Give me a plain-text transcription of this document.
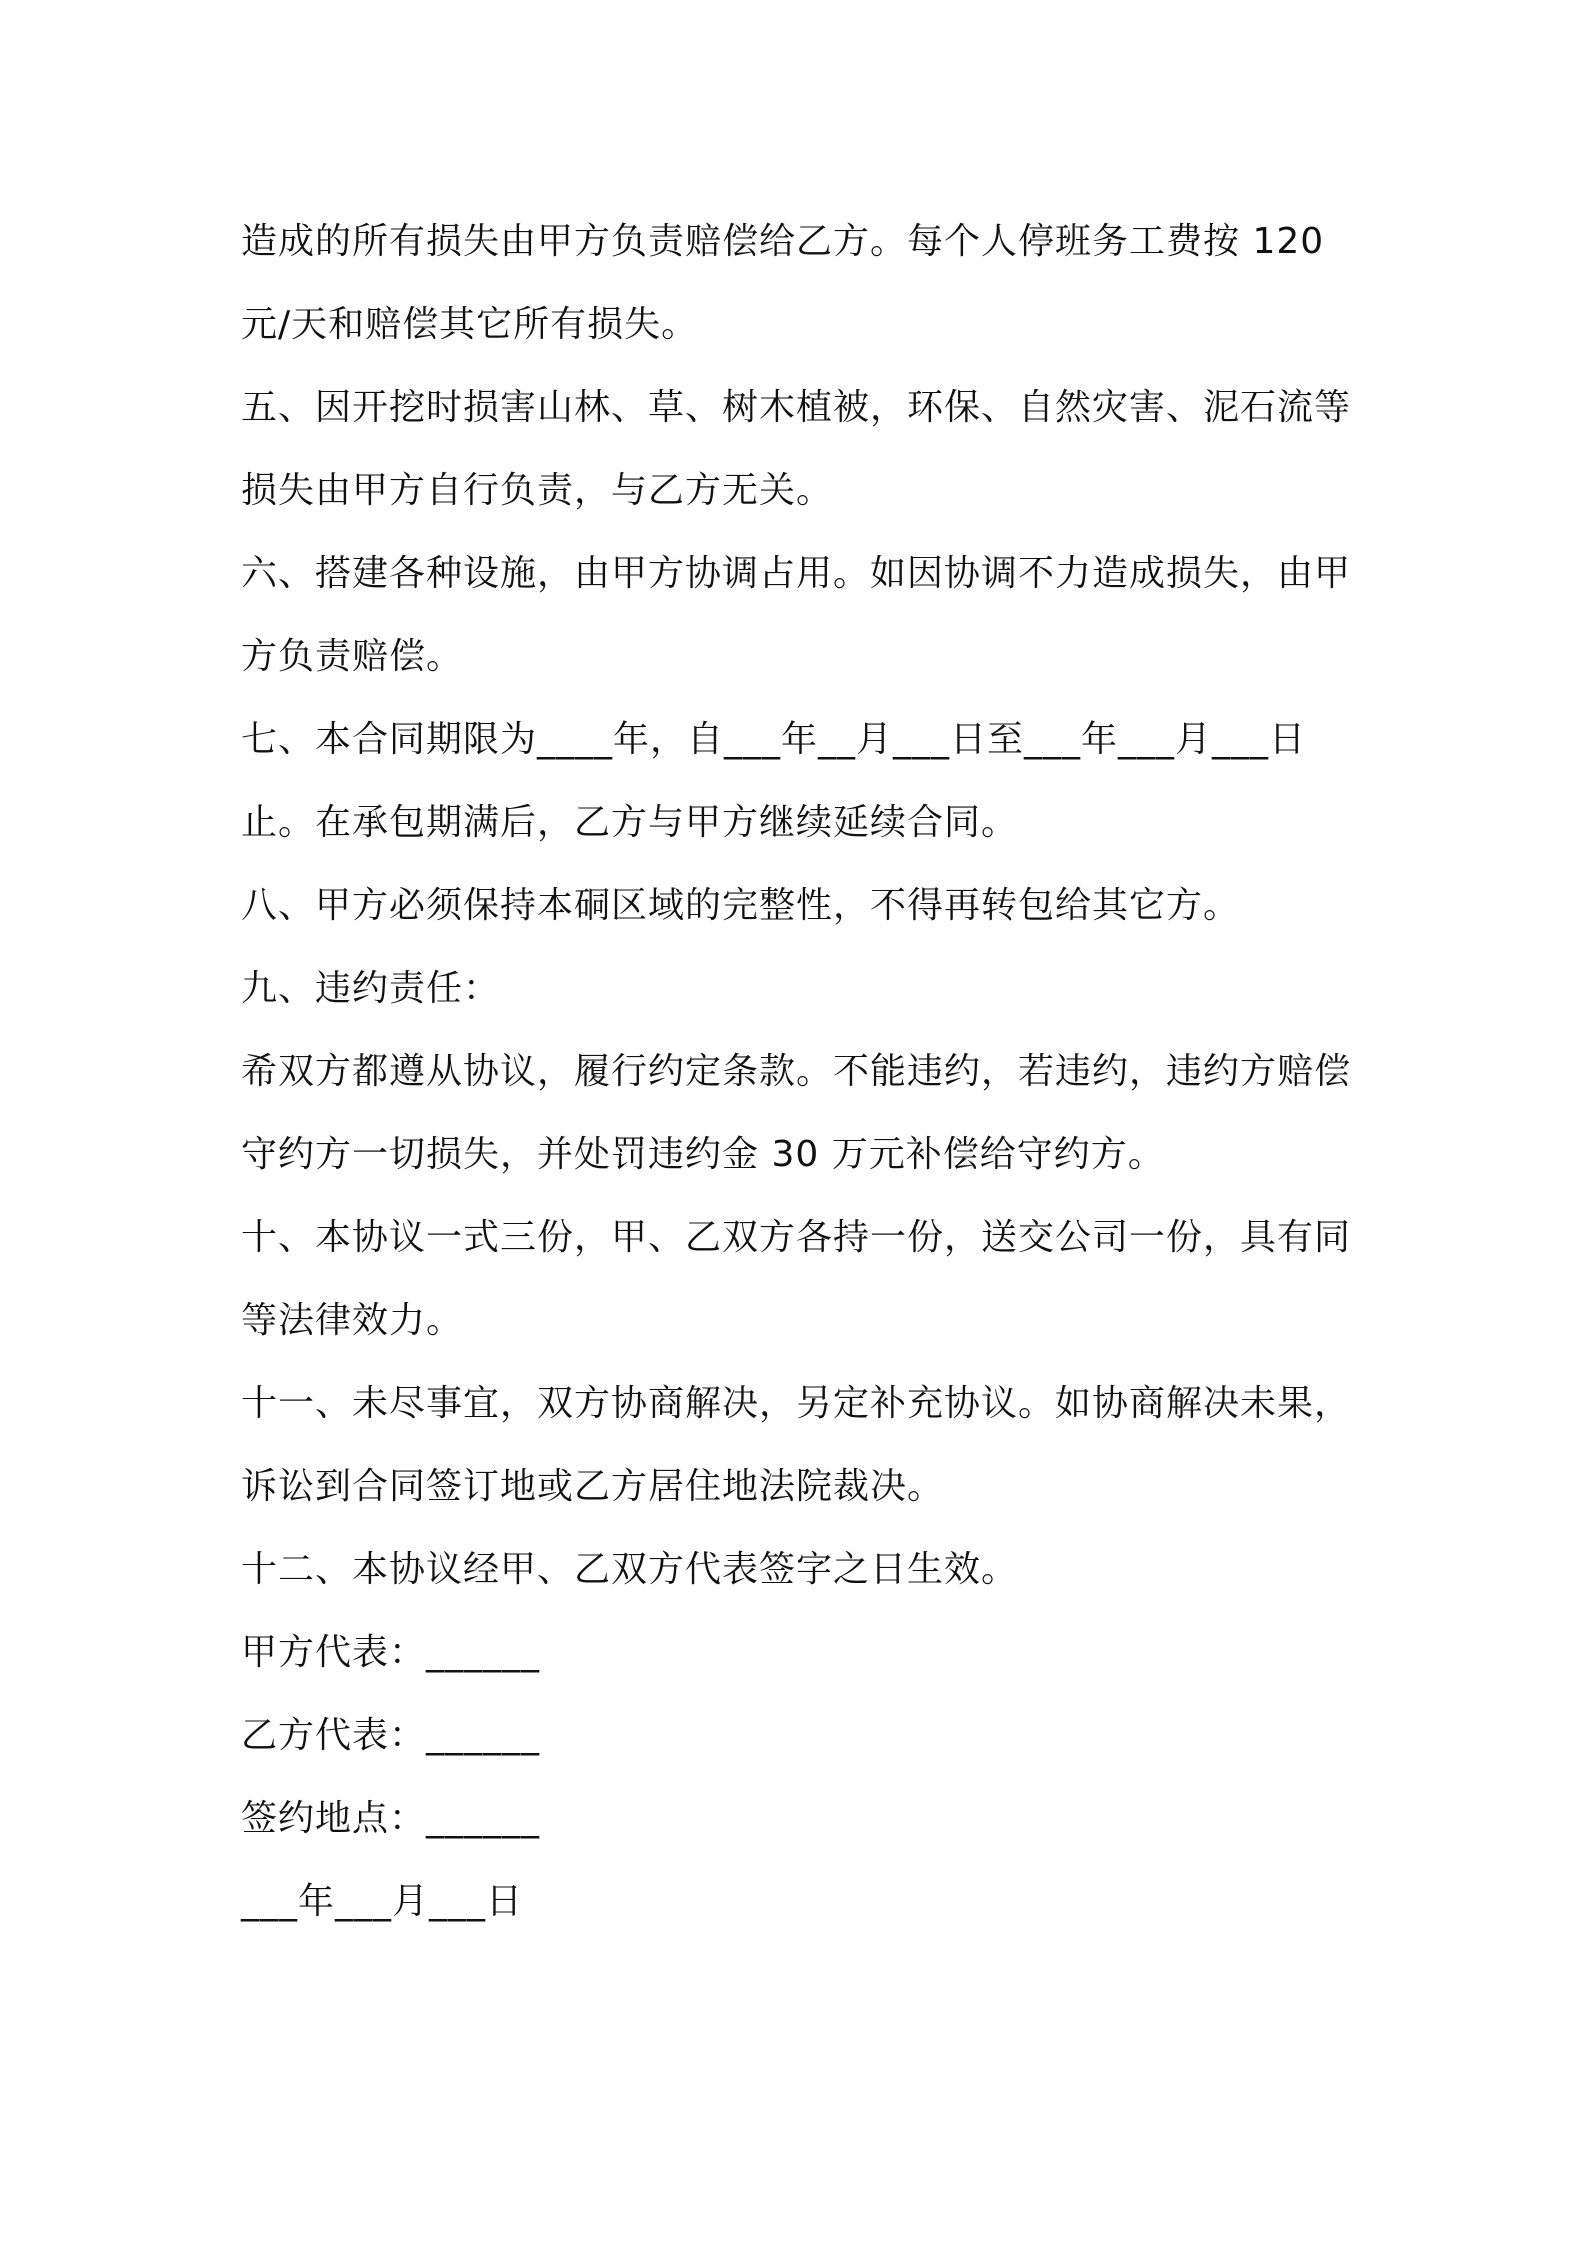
造成的所有损失由甲方负责赔偿给乙方。每个人停班务工费按 120
元/天和赔偿其它所有损失。
五、因开挖时损害山林、草、树木植被，环保、自然灾害、泥石流等
损失由甲方自行负责，与乙方无关。
六、搭建各种设施，由甲方协调占用。如因协调不力造成损失，由甲
方负责赔偿。
七、本合同期限为____年，自___年__月___日至___年___月___日
止。在承包期满后，乙方与甲方继续延续合同。
八、甲方必须保持本硐区域的完整性，不得再转包给其它方。
九、违约责任：
希双方都遵从协议，履行约定条款。不能违约，若违约，违约方赔偿
守约方一切损失，并处罚违约金 30 万元补偿给守约方。
十、本协议一式三份，甲、乙双方各持一份，送交公司一份，具有同
等法律效力。
十一、未尽事宜，双方协商解决，另定补充协议。如协商解决未果，
诉讼到合同签订地或乙方居住地法院裁决。
十二、本协议经甲、乙双方代表签字之日生效。
甲方代表：______
乙方代表：______
签约地点：______
___年___月___日
